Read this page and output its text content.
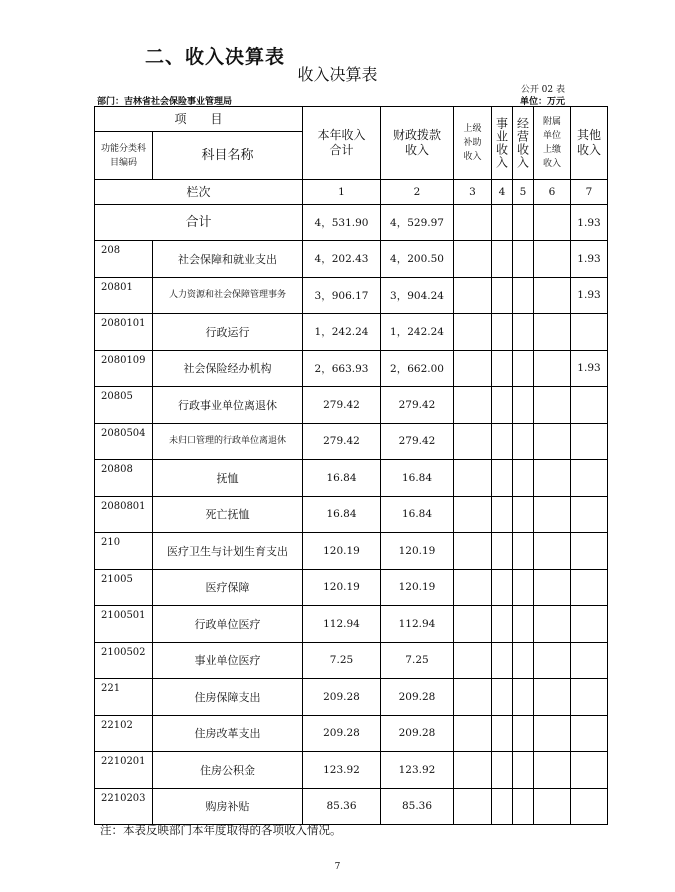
二、收入决算表
收入决算表
公开 02 表
单位：万元
部门：吉林省社会保险事业管理局
项　　目		本年收入合计	财政拨款收入	上级补助收入	事业收入	经营收入	附属单位上缴收入	其他收入

功能分类科目编码	科目名称							
栏次		1	2	3	4	5	6	7
合计		4，531.90	4，529.97					1.93
208	社会保障和就业支出	4，202.43	4，200.50					1.93
20801	人力资源和社会保障管理事务	3，906.17	3，904.24					1.93
2080101	行政运行	1，242.24	1，242.24					
2080109	社会保险经办机构	2，663.93	2，662.00					1.93
20805	行政事业单位离退休	279.42	279.42					
2080504	未归口管理的行政单位离退休	279.42	279.42					
20808	抚恤	16.84	16.84					
2080801	死亡抚恤	16.84	16.84					
210	医疗卫生与计划生育支出	120.19	120.19					
21005	医疗保障	120.19	120.19					
2100501	行政单位医疗	112.94	112.94					
2100502	事业单位医疗	7.25	7.25					
221	住房保障支出	209.28	209.28					
22102	住房改革支出	209.28	209.28					
2210201	住房公积金	123.92	123.92					
2210203	购房补贴	85.36	85.36					
注：本表反映部门本年度取得的各项收入情况。
7
